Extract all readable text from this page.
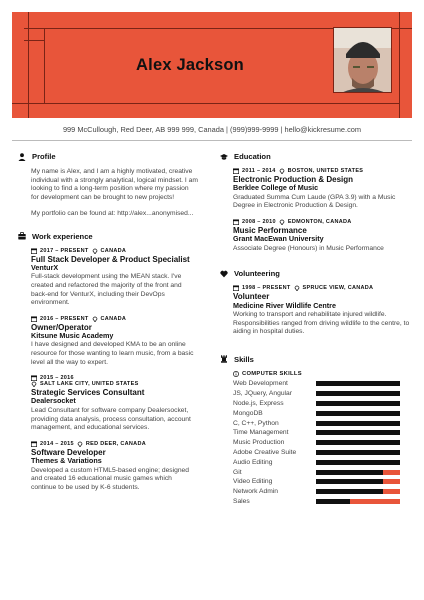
Alex Jackson
999 McCullough, Red Deer, AB 999 999, Canada | (999)999-9999 | hello@kickresume.com
Profile
My name is Alex, and I am a highly motivated, creative individual with a strongly analytical, logical mindset. I am looking to find a long-term position where my passion for development can be brought to new projects!
My portfolio can be found at: http://alex...anonymised...
Work experience
2017 – PRESENT CANADA
Full Stack Developer & Product Specialist
VenturX
Full-stack development using the MEAN stack. I've created and refactored the majority of the front and back-end for VenturX, including their DevOps environment.
2016 – PRESENT CANADA
Owner/Operator
Kitsune Music Academy
I have designed and developed KMA to be an online resource for those wanting to learn music, from a basic level all the way to expert.
2015 – 2016
SALT LAKE CITY, UNITED STATES
Strategic Services Consultant
Dealersocket
Lead Consultant for software company Dealersocket, providing data analysis, process consultation, account management, and educational services.
2014 – 2015 RED DEER, CANADA
Software Developer
Themes & Variations
Developed a custom HTML5-based engine; designed and created 16 educational music games which continue to be used by K-6 students.
Education
2011 – 2014 BOSTON, UNITED STATES
Electronic Production & Design
Berklee College of Music
Graduated Summa Cum Laude (GPA 3.9) with a Music Degree in Electronic Production & Design.
2008 – 2010 EDMONTON, CANADA
Music Performance
Grant MacEwan University
Associate Degree (Honours) in Music Performance
Volunteering
1998 – PRESENT SPRUCE VIEW, CANADA
Volunteer
Medicine River Wildlife Centre
Working to transport and rehabilitate injured wildlife. Responsibilities ranged from driving wildlife to the centre, to aiding in hospital duties.
Skills
COMPUTER SKILLS
Web Development
JS, JQuery, Angular
Node.js, Express
MongoDB
C, C++, Python
Time Management
Music Production
Adobe Creative Suite
Audio Editing
Git
Video Editing
Network Admin
Sales
